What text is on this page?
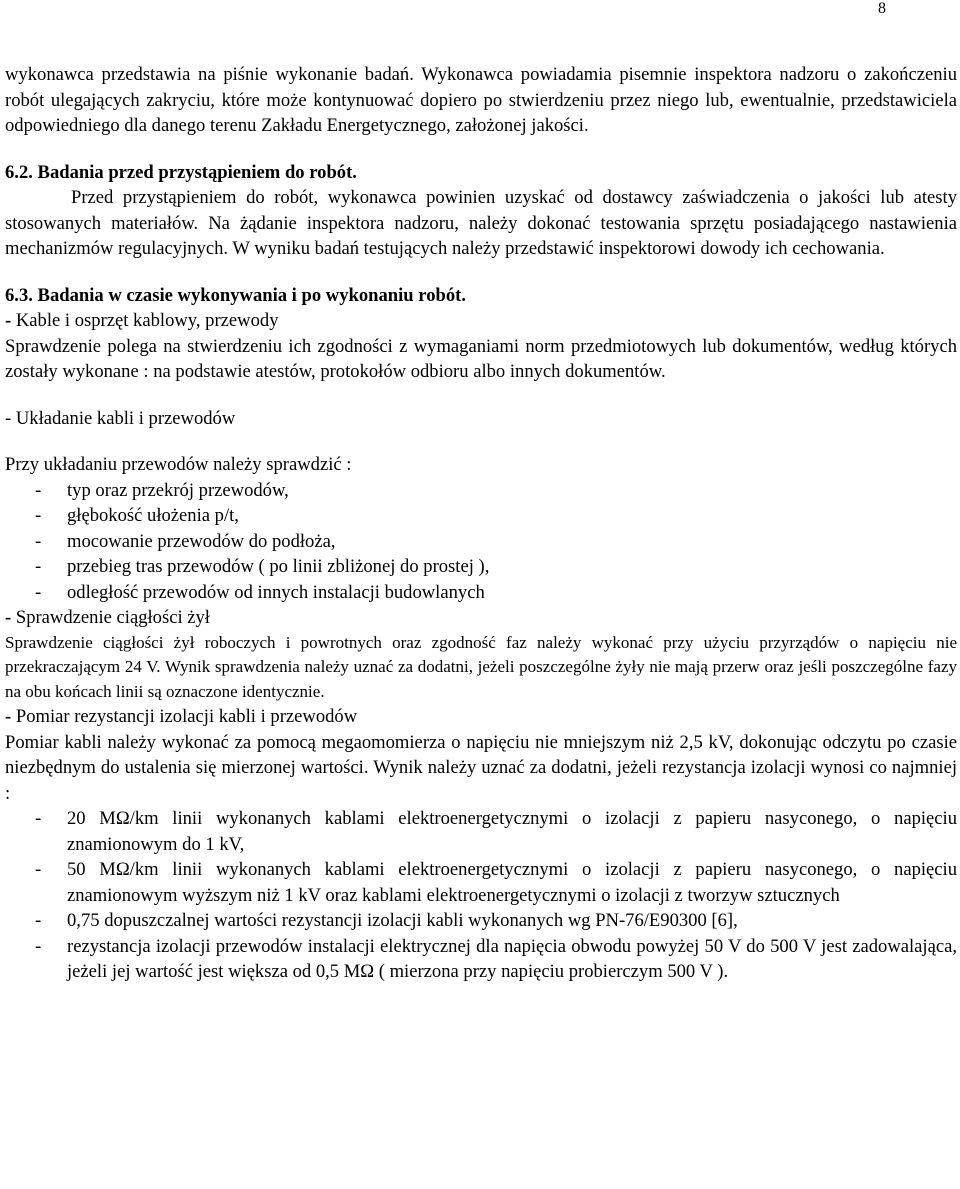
8

wykonawca przedstawia na piśnie wykonanie badań. Wykonawca powiadamia pisemnie inspektora nadzoru o zakończeniu robót ulegających zakryciu, które może kontynuować dopiero po stwierdzeniu przez niego lub, ewentualnie, przedstawiciela odpowiedniego dla danego terenu Zakładu Energetycznego, założonej jakości.

6.2. Badania przed przystąpieniem do robót.

Przed przystąpieniem do robót, wykonawca powinien uzyskać od dostawcy zaświadczenia o jakości lub atesty stosowanych materiałów. Na żądanie inspektora nadzoru, należy dokonać testowania sprzętu posiadającego nastawienia mechanizmów regulacyjnych. W wyniku badań testujących należy przedstawić inspektorowi dowody ich cechowania.

6.3. Badania w czasie wykonywania i po wykonaniu robót.

- Kable i osprzęt kablowy, przewody

Sprawdzenie polega na stwierdzeniu ich zgodności z wymaganiami norm przedmiotowych lub dokumentów, według których zostały wykonane : na podstawie atestów, protokołów odbioru albo innych dokumentów.

- Układanie kabli i przewodów

Przy układaniu przewodów należy sprawdzić :

- typ oraz przekrój przewodów,
- głębokość ułożenia p/t,
- mocowanie przewodów do podłoża,
- przebieg tras przewodów ( po linii zbliżonej do prostej ),
- odległość przewodów od innych instalacji budowlanych

- Sprawdzenie ciągłości żył

Sprawdzenie ciągłości żył roboczych i powrotnych oraz zgodność faz należy wykonać przy użyciu przyrządów o napięciu nie przekraczającym 24 V. Wynik sprawdzenia należy uznać za dodatni, jeżeli poszczególne żyły nie mają przerw oraz jeśli poszczególne fazy na obu końcach linii są oznaczone identycznie.

- Pomiar rezystancji izolacji kabli i przewodów

Pomiar kabli należy wykonać za pomocą megaomomierza o napięciu nie mniejszym niż 2,5 kV, dokonując odczytu po czasie niezbędnym do ustalenia się mierzonej wartości. Wynik należy uznać za dodatni, jeżeli rezystancja izolacji wynosi co najmniej :

- 20 MΩ/km linii wykonanych kablami elektroenergetycznymi o izolacji z papieru nasyconego, o napięciu znamionowym do 1 kV,
- 50 MΩ/km linii wykonanych kablami elektroenergetycznymi o izolacji z papieru nasyconego, o napięciu znamionowym wyższym niż 1 kV oraz kablami elektroenergetycznymi o izolacji z tworzyw sztucznych
- 0,75 dopuszczalnej wartości rezystancji izolacji kabli wykonanych wg PN-76/E90300 [6],
- rezystancja izolacji przewodów instalacji elektrycznej dla napięcia obwodu powyżej 50 V do 500 V jest zadowalająca, jeżeli jej wartość jest większa od 0,5 MΩ ( mierzona przy napięciu probierczym 500 V ).
